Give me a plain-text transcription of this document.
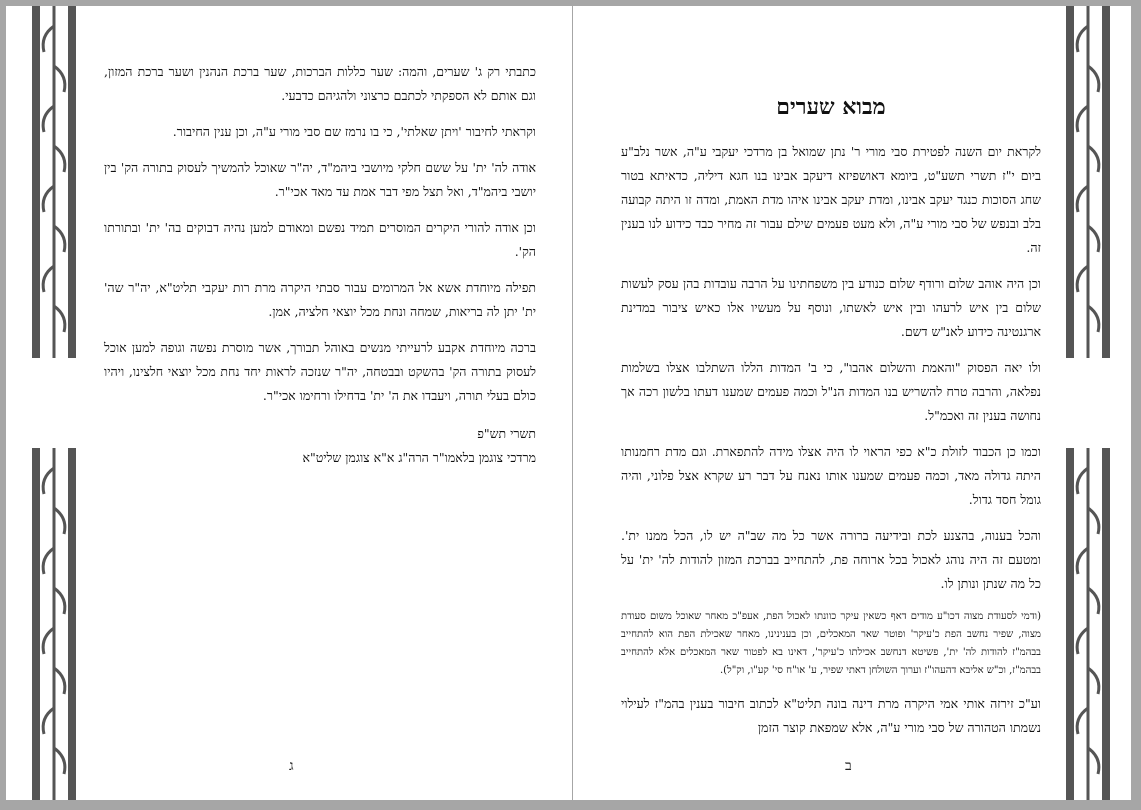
כתבתי רק ג' שערים, והמה: שער כללות הברכות, שער ברכת הנהנין ושער ברכת המזון, וגם אותם לא הספקתי לכתבם כרצוני ולהגיהם כדבעי.

וקראתי לחיבור 'ויתן שאלתי', כי בו נרמז שם סבי מורי ע"ה, וכן ענין החיבור.

אודה לה' ית' על ששם חלקי מיושבי ביהמ"ד, יה"ר שאוכל להמשיך לעסוק בתורה הק' בין יושבי ביהמ"ד, ואל תצל מפי דבר אמת עד מאד אכי"ר.

וכן אודה להורי היקרים המוסרים תמיד נפשם ומאודם למען נהיה דבוקים בה' ית' ובתורתו הק'.

תפילה מיוחדת אשא אל המרומים עבור סבתי היקרה מרת רות יעקבי תליט"א, יה"ר שה' ית' יתן לה בריאות, שמחה ונחת מכל יוצאי חלציה, אמן.

ברכה מיוחדת אקבע לרעייתי מנשים באוהל תבורך, אשר מוסרת נפשה וגופה למען אוכל לעסוק בתורה הק' בהשקט ובבטחה, יה"ר שנזכה לראות יחד נחת מכל יוצאי חלצינו, ויהיו כולם בעלי תורה, ויעבדו את ה' ית' בדחילו ורחימו אכי"ר.

תשרי תש"פ

מרדכי צוגמן בלאמו"ר הרה"ג א"א צוגמן שליט"א

ג
מבוא שערים

לקראת יום השנה לפטירת סבי מורי ר' נתן שמואל בן מרדכי יעקבי ע"ה, אשר נלב"ע ביום י"ז תשרי תשע"ט, ביומא דאושפיזא דיעקב אבינו בנו חגא דיליה, כדאיתא בטור שחג הסוכות כנגד יעקב אבינו, ומדת יעקב אבינו איהו מדת האמת, ומדה זו היתה קבועה בלב ובנפש של סבי מורי ע"ה, ולא מעט פעמים שילם עבור זה מחיר כבד כידוע לנו בענין זה.

וכן היה אוהב שלום ורודף שלום כנודע בין משפחתינו על הרבה עובדות בהן עסק לעשות שלום בין איש לרעהו ובין איש לאשתו, ונוסף על מעשיו אלו כאיש ציבור במדינת ארגנטינה כידוע לאנ"ש דשם.

ולו יאה הפסוק "והאמת והשלום אהבו", כי ב' המדות הללו השתלבו אצלו בשלמות נפלאה, והרבה טרח להשריש בנו המדות הנ"ל וכמה פעמים שמענו דעתו בלשון רכה אך נחושה בענין זה ואכמ"ל.

וכמו כן הכבוד לזולת כ"א כפי הראוי לו היה אצלו מידה להתפארת. וגם מדת רחמנותו היתה גדולה מאד, וכמה פעמים שמענו אותו נאנח על דבר רע שקרא אצל פלוני, והיה גומל חסד גדול.

והכל בענוה, בהצנע לכת ובידיעה ברורה אשר כל מה שב"ה יש לו, הכל ממנו ית'. ומטעם זה היה נוהג לאכול בכל ארוחה פת, להתחייב בברכת המזון להודות לה' ית' על כל מה שנתן ונותן לו.

(ודמי לסעודת מצוה דכו"ע מודים דאף כשאין עיקר כוונתו לאכול הפת, אעפ"כ מאחר שאוכל משום סעודת מצוה, שפיר נחשב הפת כ'עיקר' ופוטר שאר המאכלים, וכן בענינינו, מאחר שאכילת הפת הוא להתחייב בבהמ"ז להודות לה' ית', פשיטא דנחשב אכילתו כ'עיקר', דאינו בא לפטור שאר המאכלים אלא להתחייב בבהמ"ז, וכ"ש אליבא דהעהו"ז וערוך השולחן דאתי שפיר, ע' או"ח סי' קע"ו, וק"ל).

וע"כ זירזה אותי אמי היקרה מרת דינה בונה תליט"א לכתוב חיבור בענין בהמ"ז לעילוי נשמתו הטהורה של סבי מורי ע"ה, אלא שמפאת קוצר הזמן

ב
